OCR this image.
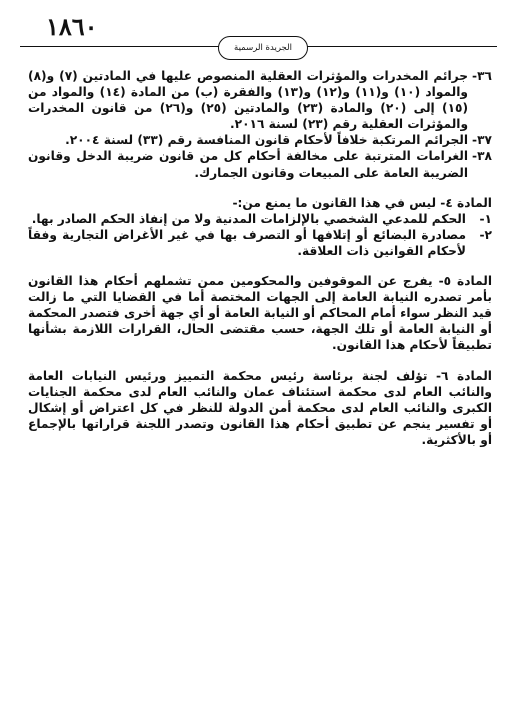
١٨٦٠
الجريدة الرسمية
٣٦-
جرائم المخدرات والمؤثرات العقلية المنصوص عليها في المادتين (٧) و(٨) والمواد (١٠) و(١١) و(١٢) و(١٣) والفقرة (ب) من المادة (١٤) والمواد من (١٥) إلى (٢٠) والمادة (٢٣) والمادتين (٢٥) و(٢٦) من قانون المخدرات والمؤثرات العقلية رقم (٢٣) لسنة ٢٠١٦.
٣٧-
الجرائم المرتكبة خلافاً لأحكام قانون المنافسة رقم (٣٣) لسنة ٢٠٠٤.
٣٨-
الغرامات المترتبة على مخالفة أحكام كل من قانون ضريبة الدخل وقانون الضريبة العامة على المبيعات وقانون الجمارك.
المادة ٤- ليس في هذا القانون ما يمنع من:-
١-
الحكم للمدعي الشخصي بالإلزامات المدنية ولا من إنفاذ الحكم الصادر بها.
٢-
مصادرة البضائع أو إتلافها أو التصرف بها في غير الأغراض التجارية وفقاً لأحكام القوانين ذات العلاقة.
المادة ٥- يفرج عن الموقوفين والمحكومين ممن تشملهم أحكام هذا القانون بأمر تصدره النيابة العامة إلى الجهات المختصة أما في القضايا التي ما زالت قيد النظر سواء أمام المحاكم أو النيابة العامة أو أي جهة أخرى فتصدر المحكمة أو النيابة العامة أو تلك الجهة، حسب مقتضى الحال، القرارات اللازمة بشأنها تطبيقاً لأحكام هذا القانون.
المادة ٦- تؤلف لجنة برئاسة رئيس محكمة التمييز ورئيس النيابات العامة والنائب العام لدى محكمة استئناف عمان والنائب العام لدى محكمة الجنايات الكبرى والنائب العام لدى محكمة أمن الدولة للنظر في كل اعتراض أو إشكال أو تفسير ينجم عن تطبيق أحكام هذا القانون وتصدر اللجنة قراراتها بالإجماع أو بالأكثرية.
